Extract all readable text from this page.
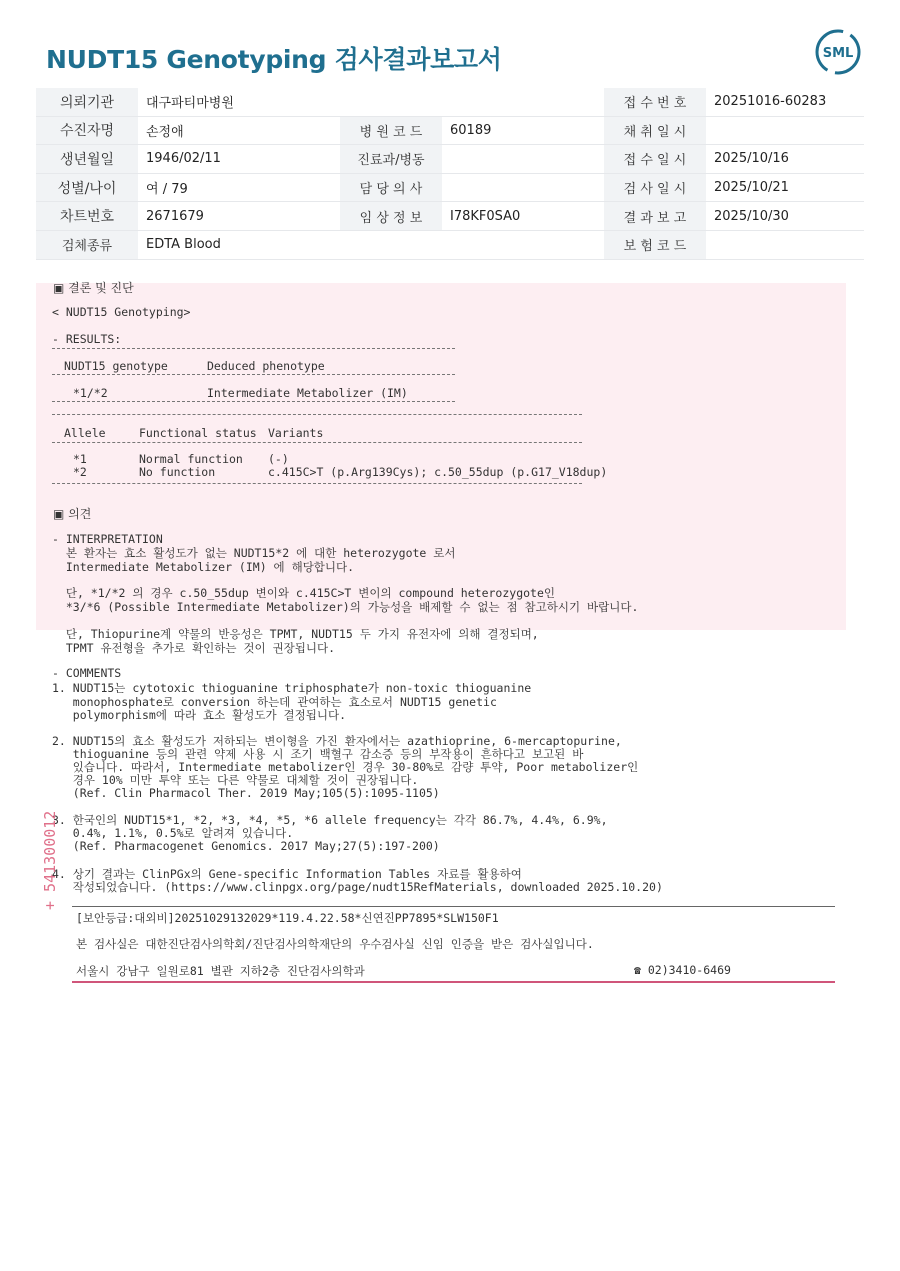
NUDT15 Genotyping 검사결과보고서	SML
의뢰기관	대구파티마병원			접 수 번 호	20251016-60283
수진자명	손정애	병 원 코 드	60189	채 취 일 시	
생년월일	1946/02/11	진료과/병동		접 수 일 시	2025/10/16
성별/나이	여 / 79	담 당 의 사		검 사 일 시	2025/10/21
차트번호	2671679	임 상 정 보	I78KF0SA0	결 과 보 고	2025/10/30
검체종류	EDTA Blood			보 험 코 드	
▣ 결론 및 진단
< NUDT15 Genotyping>
- RESULTS:
NUDT15 genotype	Deduced phenotype
*1/*2	Intermediate Metabolizer (IM)
Allele	Functional status Variants
*1	Normal function (-)
*2	No function	c.415C>T (p.Arg139Cys); c.50_55dup (p.G17_V18dup)
▣ 의견
- INTERPRETATION
본 환자는 효소 활성도가 없는 NUDT15*2 에 대한 heterozygote 로서
Intermediate Metabolizer (IM) 에 해당합니다.
단, *1/*2 의 경우 c.50_55dup 변이와 c.415C>T 변이의 compound heterozygote인
*3/*6 (Possible Intermediate Metabolizer)의 가능성을 배제할 수 없는 점 참고하시기 바랍니다.
단, Thiopurine계 약물의 반응성은 TPMT, NUDT15 두 가지 유전자에 의해 결정되며,
TPMT 유전형을 추가로 확인하는 것이 권장됩니다.
- COMMENTS
1. NUDT15는 cytotoxic thioguanine triphosphate가 non-toxic thioguanine
monophosphate로 conversion 하는데 관여하는 효소로서 NUDT15 genetic
polymorphism에 따라 효소 활성도가 결정됩니다.
2. NUDT15의 효소 활성도가 저하되는 변이형을 가진 환자에서는 azathioprine, 6-mercaptopurine,
thioguanine 등의 관련 약제 사용 시 조기 백혈구 감소증 등의 부작용이 흔하다고 보고된 바
있습니다. 따라서, Intermediate metabolizer인 경우 30-80%로 감량 투약, Poor metabolizer인
경우 10% 미만 투약 또는 다른 약물로 대체할 것이 권장됩니다.
(Ref. Clin Pharmacol Ther. 2019 May;105(5):1095-1105)
3. 한국인의 NUDT15*1, *2, *3, *4, *5, *6 allele frequency는 각각 86.7%, 4.4%, 6.9%,
0.4%, 1.1%, 0.5%로 알려져 있습니다.
(Ref. Pharmacogenet Genomics. 2017 May;27(5):197-200)
4. 상기 결과는 ClinPGx의 Gene-specific Information Tables 자료를 활용하여
작성되었습니다. (https://www.clinpgx.org/page/nudt15RefMaterials, downloaded 2025.10.20)
+ 541300012
[보안등급:대외비]20251029132029*119.4.22.58*신연진PP7895*SLW150F1
본 검사실은 대한진단검사의학회/진단검사의학재단의 우수검사실 신임 인증을 받은 검사실입니다.
서울시 강남구 일원로81 별관 지하2층 진단검사의학과	☎ 02)3410-6469
